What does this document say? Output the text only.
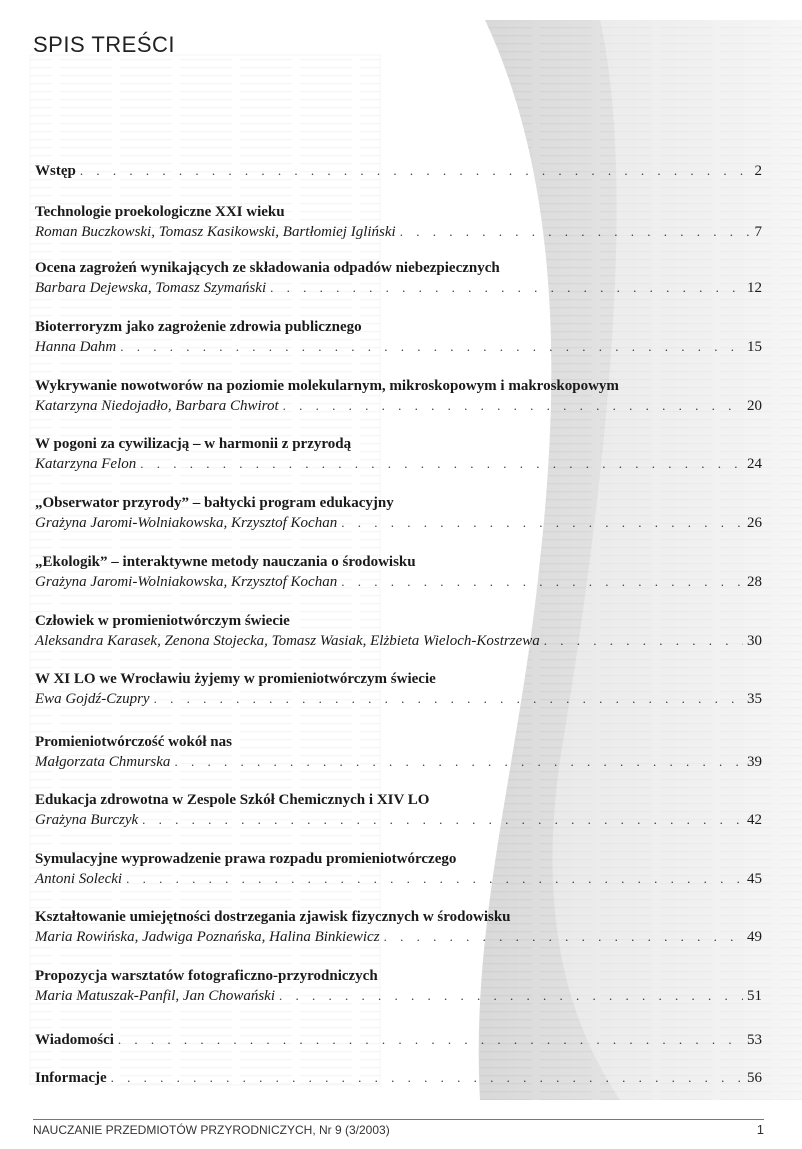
SPIS TREŚCI
Wstęp . . .	2
Technologie proekologiczne XXI wieku
Roman Buczkowski, Tomasz Kasikowski, Bartłomiej Igliński . . .	7
Ocena zagrożeń wynikających ze składowania odpadów niebezpiecznych
Barbara Dejewska, Tomasz Szymański . . .	12
Bioterroryzm jako zagrożenie zdrowia publicznego
Hanna Dahm . . .	15
Wykrywanie nowotworów na poziomie molekularnym, mikroskopowym i makroskopowym
Katarzyna Niedojadło, Barbara Chwirot . . .	20
W pogoni za cywilizacją – w harmonii z przyrodą
Katarzyna Felon . . .	24
„Obserwator przyrody” – bałtycki program edukacyjny
Grażyna Jaromi-Wolniakowska, Krzysztof Kochan . . .	26
„Ekologik” – interaktywne metody nauczania o środowisku
Grażyna Jaromi-Wolniakowska, Krzysztof Kochan . . .	28
Człowiek w promieniotwórczym świecie
Aleksandra Karasek, Zenona Stojecka, Tomasz Wasiak, Elżbieta Wieloch-Kostrzewa . . .	30
W XI LO we Wrocławiu żyjemy w promieniotwórczym świecie
Ewa Gojdź-Czupry . . .	35
Promieniotwórczość wokół nas
Małgorzata Chmurska . . .	39
Edukacja zdrowotna w Zespole Szkół Chemicznych i XIV LO
Grażyna Burczyk . . .	42
Symulacyjne wyprowadzenie prawa rozpadu promieniotwórczego
Antoni Solecki . . .	45
Kształtowanie umiejętności dostrzegania zjawisk fizycznych w środowisku
Maria Rowińska, Jadwiga Poznańska, Halina Binkiewicz . . .	49
Propozycja warsztatów fotograficzno-przyrodniczych
Maria Matuszak-Panfil, Jan Chowański . . .	51
Wiadomości . . .	53
Informacje . . .	56
NAUCZANIE PRZEDMIOTÓW PRZYRODNICZYCH, Nr 9 (3/2003)	1
